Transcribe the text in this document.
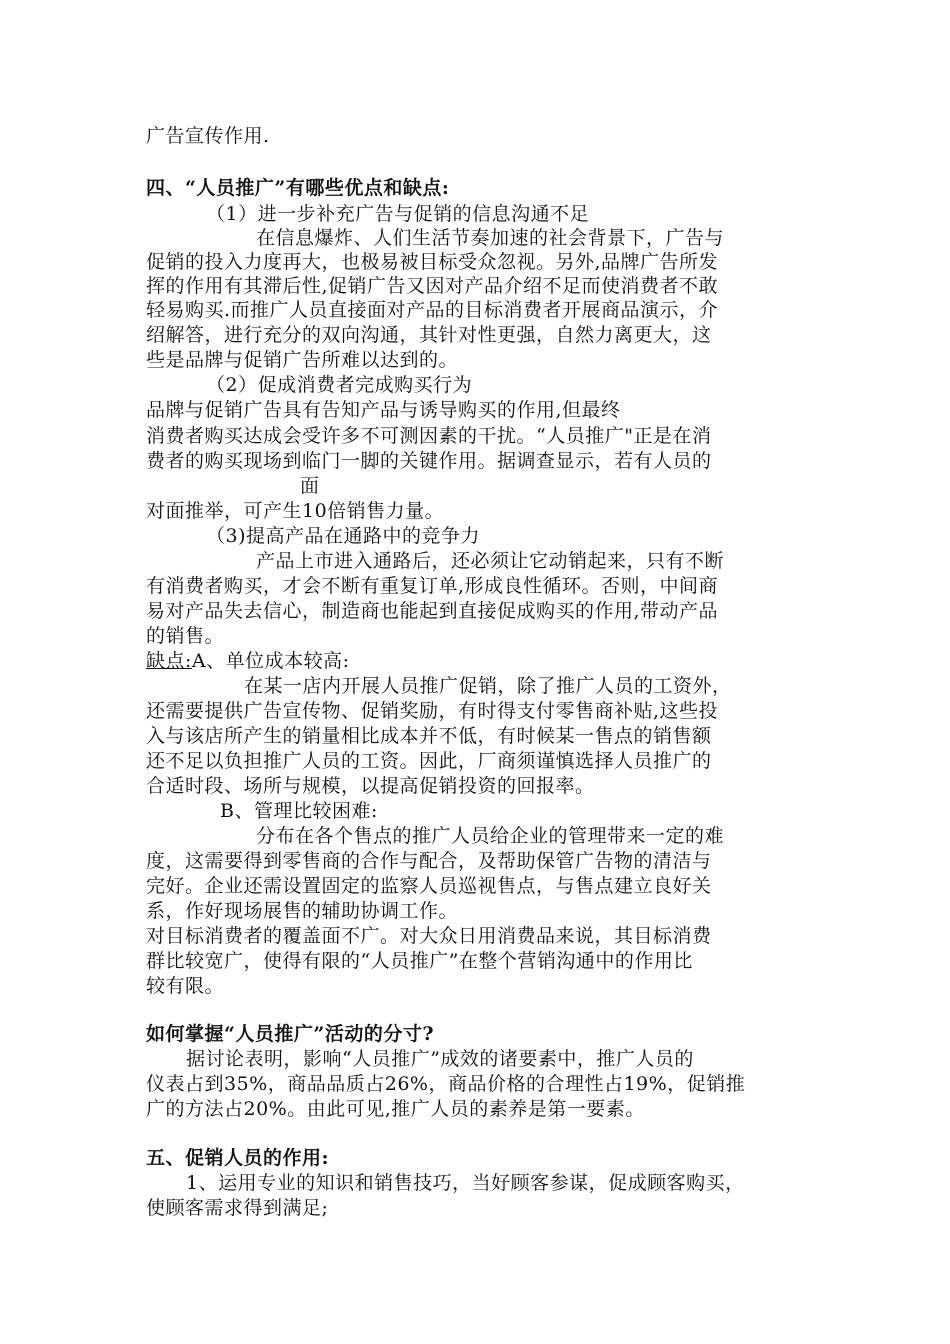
广告宣传作用.
四、“人员推广”有哪些优点和缺点:
（1）进一步补充广告与促销的信息沟通不足
在信息爆炸、人们生活节奏加速的社会背景下，广告与
促销的投入力度再大，也极易被目标受众忽视。另外,品牌广告所发
挥的作用有其滞后性,促销广告又因对产品介绍不足而使消费者不敢
轻易购买.而推广人员直接面对产品的目标消费者开展商品演示，介
绍解答，进行充分的双向沟通，其针对性更强，自然力离更大，这
些是品牌与促销广告所难以达到的。
（2）促成消费者完成购买行为
品牌与促销广告具有告知产品与诱导购买的作用,但最终
消费者购买达成会受许多不可测因素的干扰。“人员推广"正是在消
费者的购买现场到临门一脚的关键作用。据调查显示，若有人员的
面
对面推举，可产生10倍销售力量。
（3)提高产品在通路中的竞争力
产品上市进入通路后，还必须让它动销起来，只有不断
有消费者购买，才会不断有重复订单,形成良性循环。否则，中间商
易对产品失去信心，制造商也能起到直接促成购买的作用,带动产品
的销售。
缺点:A、单位成本较高:
在某一店内开展人员推广促销，除了推广人员的工资外，
还需要提供广告宣传物、促销奖励，有时得支付零售商补贴,这些投
入与该店所产生的销量相比成本并不低，有时候某一售点的销售额
还不足以负担推广人员的工资。因此，厂商须谨慎选择人员推广的
合适时段、场所与规模，以提高促销投资的回报率。
B、管理比较困难:
分布在各个售点的推广人员给企业的管理带来一定的难
度，这需要得到零售商的合作与配合，及帮助保管广告物的清洁与
完好。企业还需设置固定的监察人员巡视售点，与售点建立良好关
系，作好现场展售的辅助协调工作。
对目标消费者的覆盖面不广。对大众日用消费品来说，其目标消费
群比较宽广，使得有限的“人员推广”在整个营销沟通中的作用比
较有限。
如何掌握“人员推广”活动的分寸?
据讨论表明，影响“人员推广”成效的诸要素中，推广人员的
仪表占到35%，商品品质占26%，商品价格的合理性占19%，促销推
广的方法占20%。由此可见,推广人员的素养是第一要素。
五、促销人员的作用:
1、运用专业的知识和销售技巧，当好顾客参谋，促成顾客购买，
使顾客需求得到满足;
